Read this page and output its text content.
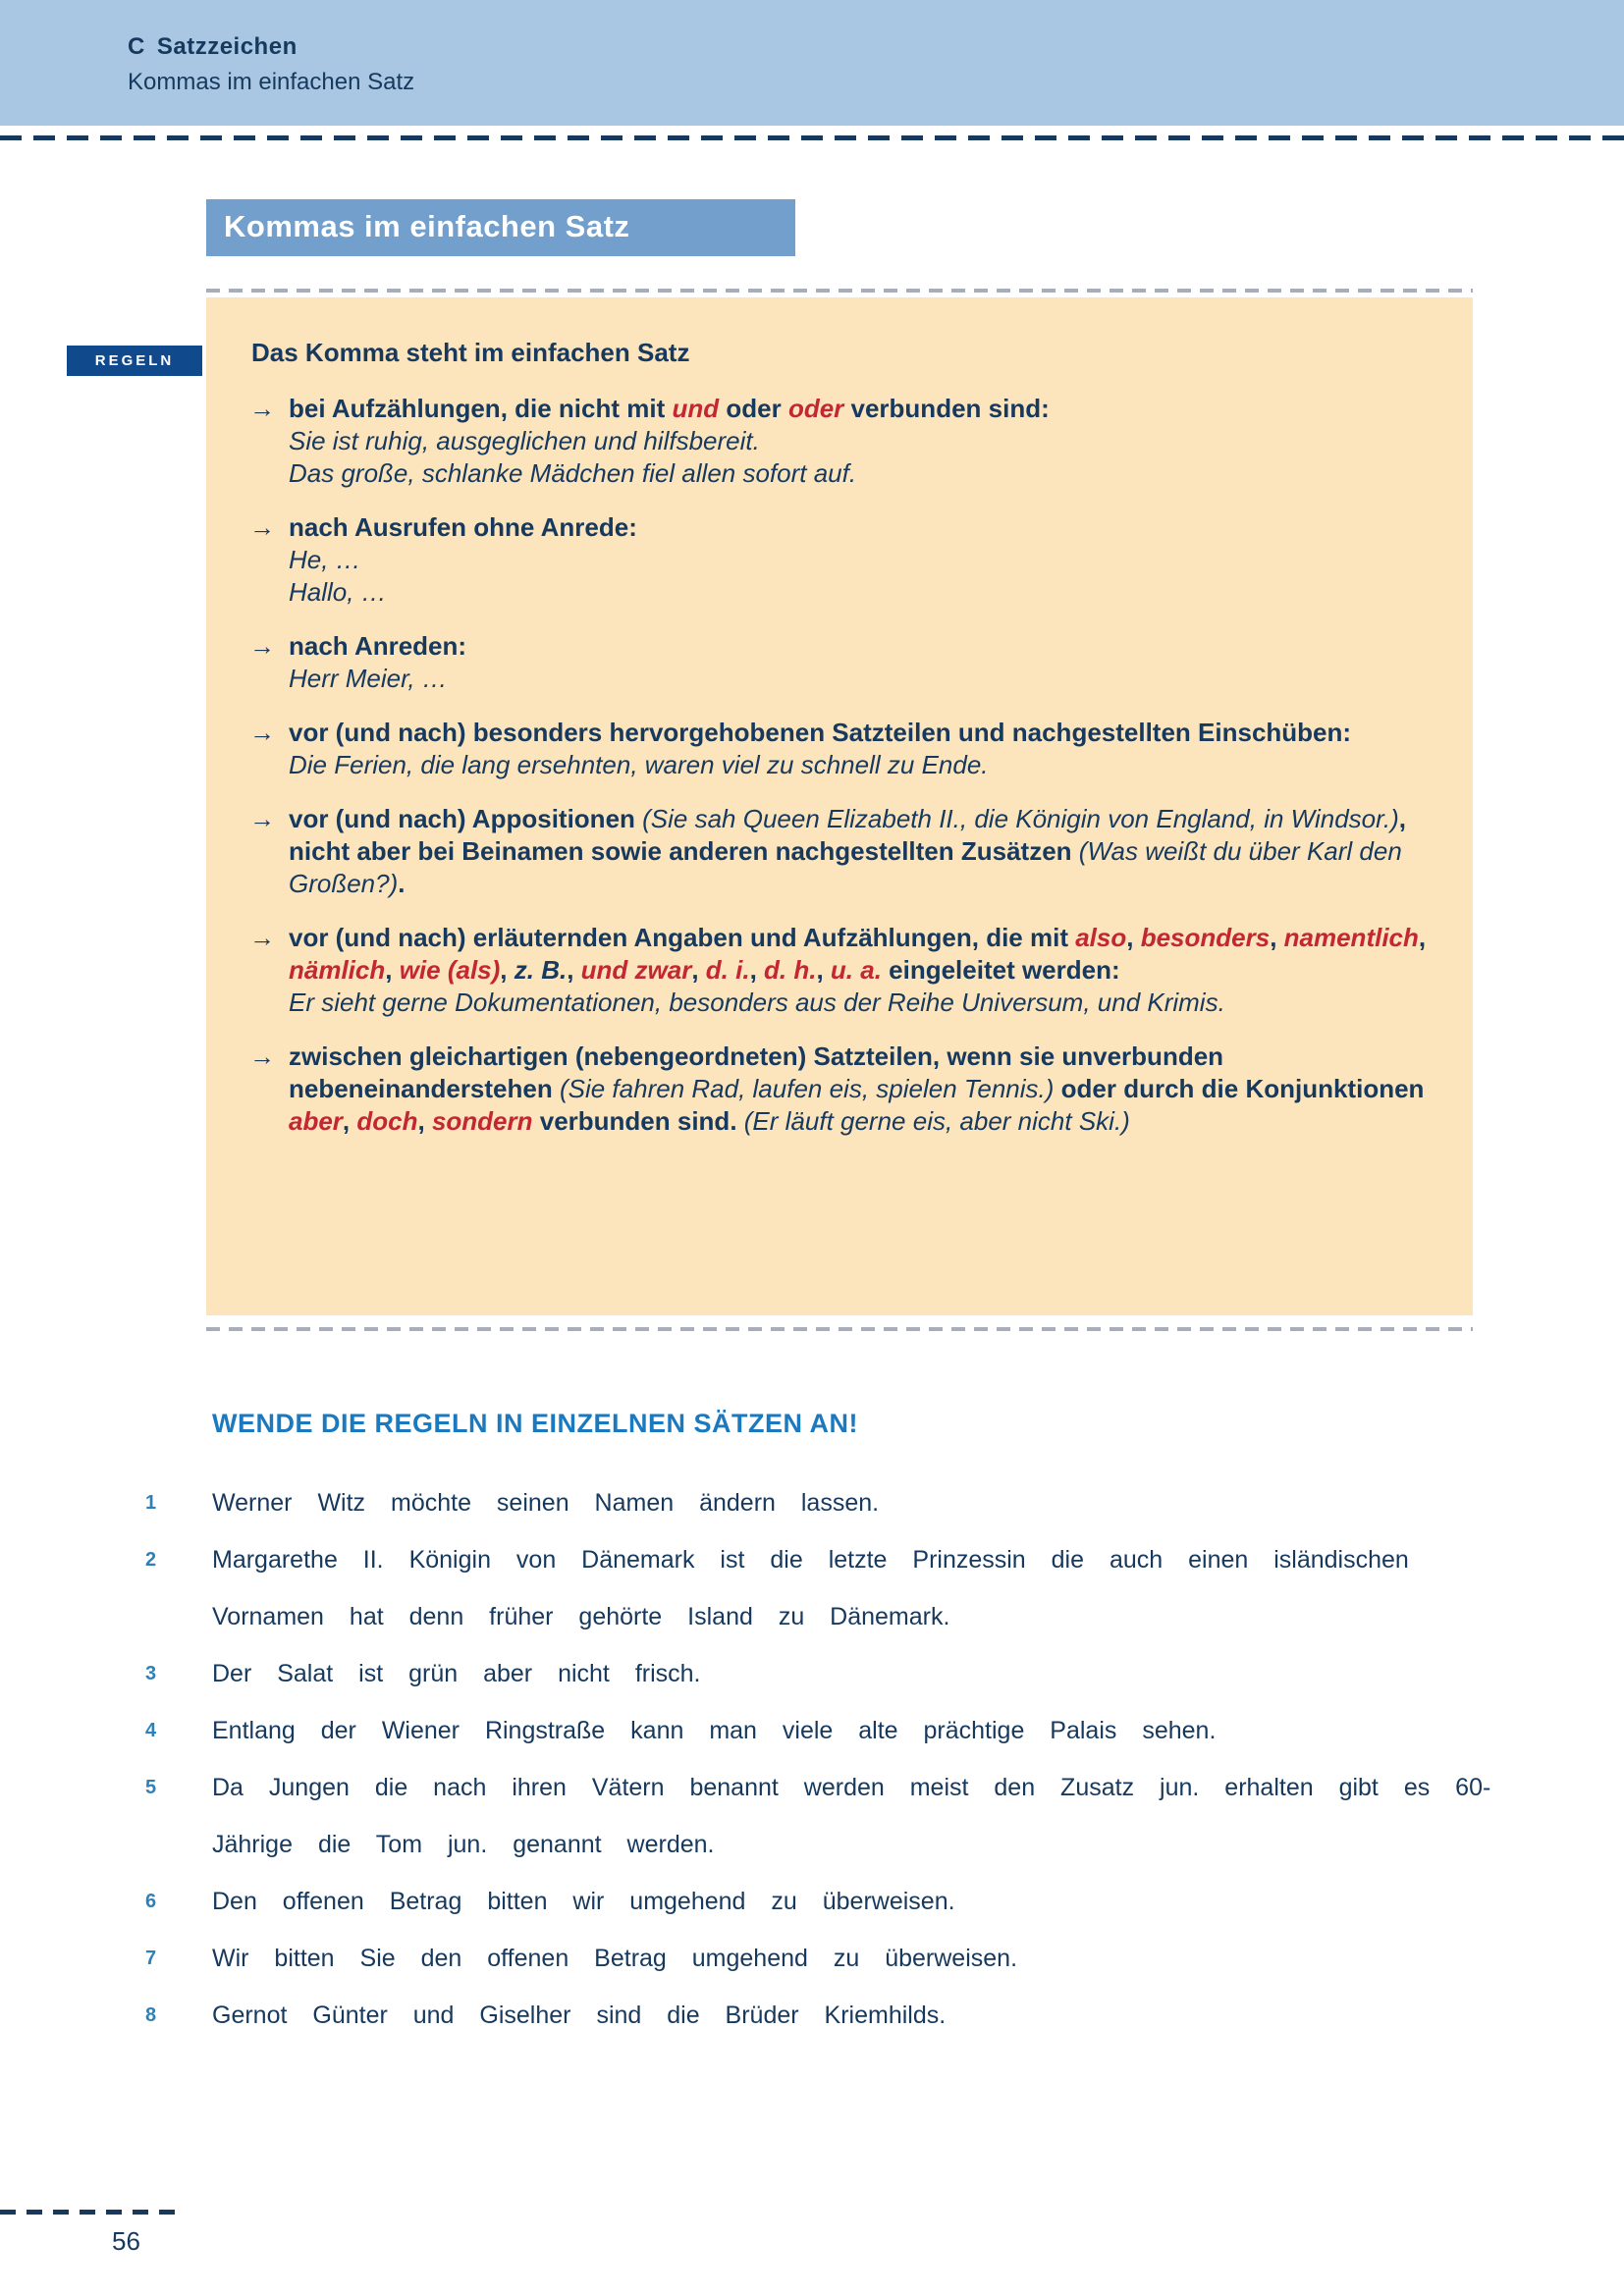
C Satzzeichen
Kommas im einfachen Satz
Kommas im einfachen Satz
REGELN	Das Komma steht im einfachen Satz

→ bei Aufzählungen, die nicht mit und oder oder verbunden sind:

Sie ist ruhig, ausgeglichen und hilfsbereit.

Das große, schlanke Mädchen fiel allen sofort auf.

→ nach Ausrufen ohne Anrede:

He, …

Hallo, …

→ nach Anreden:

Herr Meier, …

→ vor (und nach) besonders hervorgehobenen Satzteilen und nachgestellten Einschüben:

Die Ferien, die lang ersehnten, waren viel zu schnell zu Ende.

→ vor (und nach) Appositionen (Sie sah Queen Elizabeth II., die Königin von England, in Windsor.), nicht aber bei Beinamen sowie anderen nachgestellten Zusätzen (Was weißt du über Karl den Großen?).

→ vor (und nach) erläuternden Angaben und Aufzählungen, die mit also, besonders, namentlich, nämlich, wie (als), z. B., und zwar, d. i., d. h., u. a. eingeleitet werden:

Er sieht gerne Dokumentationen, besonders aus der Reihe Universum, und Krimis.

→ zwischen gleichartigen (nebengeordneten) Satzteilen, wenn sie unverbunden nebeneinanderstehen (Sie fahren Rad, laufen eis, spielen Tennis.) oder durch die Konjunktionen aber, doch, sondern verbunden sind. (Er läuft gerne eis, aber nicht Ski.)

WENDE DIE REGELN IN EINZELNEN SÄTZEN AN!
1 Werner Witz möchte seinen Namen ändern lassen.
2 Margarethe II. Königin von Dänemark ist die letzte Prinzessin die auch einen isländischen Vornamen hat denn früher gehörte Island zu Dänemark.
3 Der Salat ist grün aber nicht frisch.
4 Entlang der Wiener Ringstraße kann man viele alte prächtige Palais sehen.
5 Da Jungen die nach ihren Vätern benannt werden meist den Zusatz jun. erhalten gibt es 60-Jährige die Tom jun. genannt werden.
6 Den offenen Betrag bitten wir umgehend zu überweisen.
7 Wir bitten Sie den offenen Betrag umgehend zu überweisen.
8 Gernot Günter und Giselher sind die Brüder Kriemhilds.
56
